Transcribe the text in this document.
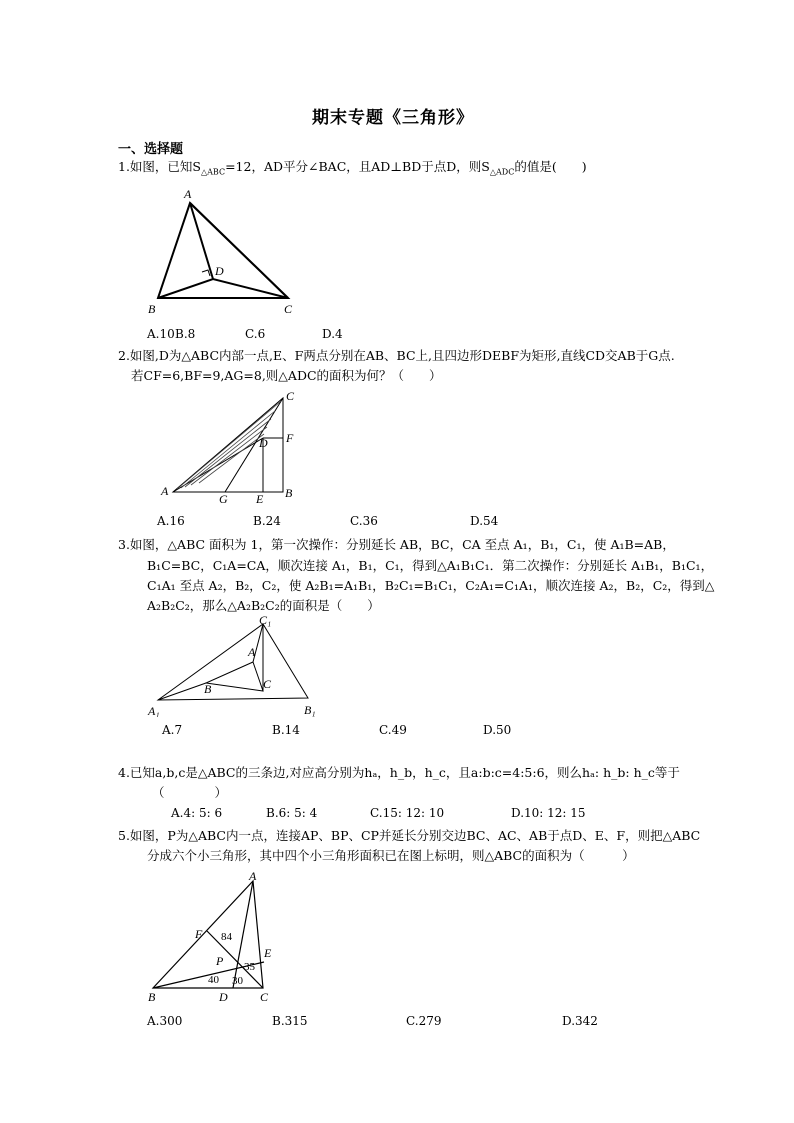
期末专题《三角形》
一、选择题
1.如图，已知$S_{\triangle ABC}=12$，AD平分∠BAC，且AD⊥BD于点D，则$S_{\triangle ADC}$的值是(　　)
A
D
B	C
A.10 B.8	C.6	D.4
2.如图,D为△ABC内部一点,E、F两点分别在AB、BC上,且四边形DEBF为矩形,直线CD交AB于G点.
若CF=6,BF=9,AG=8,则△ADC的面积为何？（　　）
C
F
D
A
G E B
A.16	B.24	C.36	D.54
3.如图，△ABC 面积为 1，第一次操作：分别延长 AB，BC，CA 至点 A₁，B₁，C₁，使 A₁B=AB，
B₁C=BC，C₁A=CA，顺次连接 A₁，B₁，C₁，得到△A₁B₁C₁．第二次操作：分别延长 A₁B₁，B₁C₁，
C₁A₁ 至点 A₂，B₂，C₂，使 A₂B₁=A₁B₁，B₂C₁=B₁C₁，C₂A₁=C₁A₁，顺次连接 A₂，B₂，C₂，得到△
A₂B₂C₂，那么△A₂B₂C₂的面积是（　　）
C₁
A
B	C
A₁	B₁
A.7	B.14	C.49	D.50
4.已知a,b,c是△ABC的三条边,对应高分别为hₐ，h_b，h_c，且a:b:c=4:5:6，则么hₐ: h_b: h_c等于
（　　　　）
A.4: 5: 6	B.6: 5: 4	C.15: 12: 10	D.10: 12: 15
5.如图，P为△ABC内一点，连接AP、BP、CP并延长分别交边BC、AC、AB于点D、E、F，则把△ABC
分成六个小三角形，其中四个小三角形面积已在图上标明，则△ABC的面积为（　　　）
A
F 84
E
P 35
40 30
B	D	C
A.300	B.315	C.279	D.342
